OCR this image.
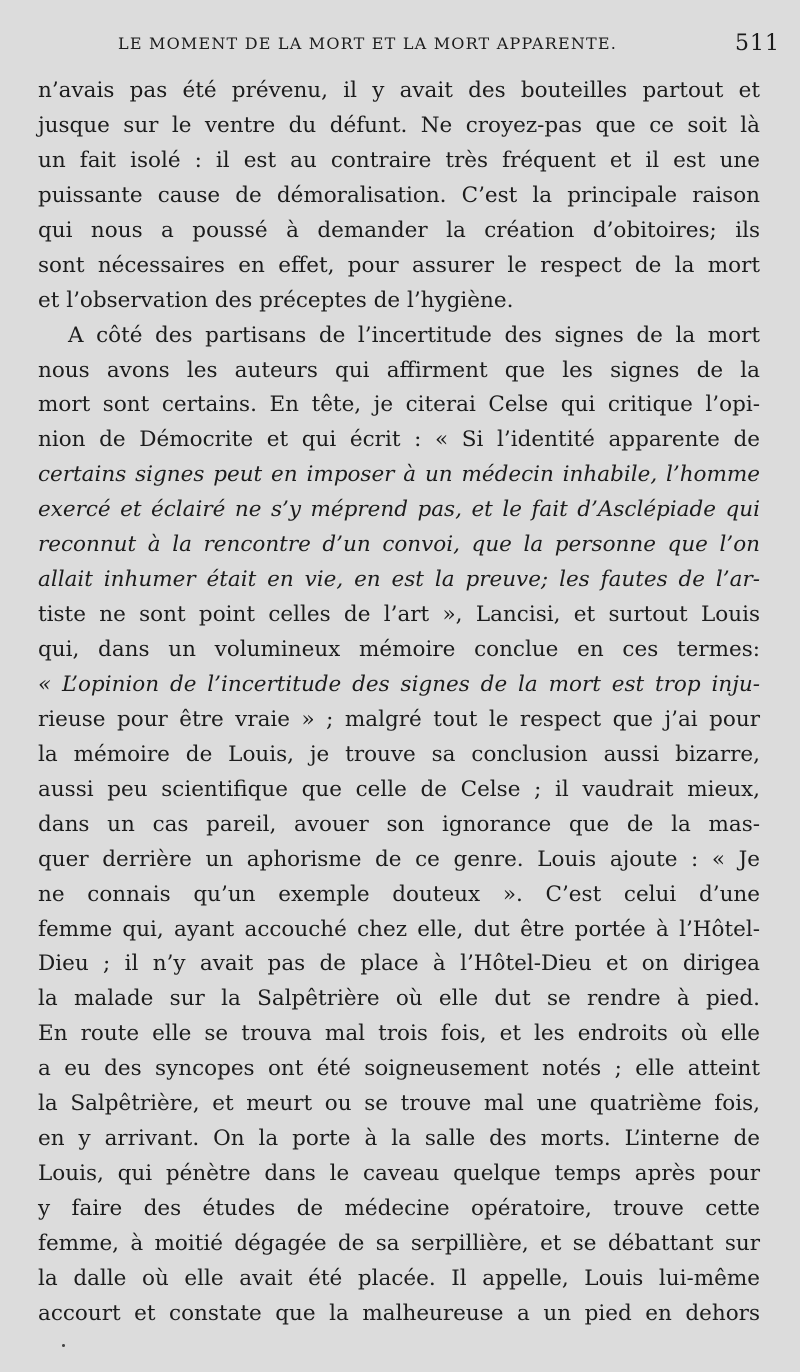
LE MOMENT DE LA MORT ET LA MORT APPARENTE.	511
n’avais pas été prévenu, il y avait des bouteilles partout et
jusque sur le ventre du défunt. Ne croyez-pas que ce soit là
un fait isolé : il est au contraire très fréquent et il est une
puissante cause de démoralisation. C’est la principale raison
qui nous a poussé à demander la création d’obitoires; ils
sont nécessaires en effet, pour assurer le respect de la mort
et l’observation des préceptes de l’hygiène.
A côté des partisans de l’incertitude des signes de la mort
nous avons les auteurs qui affirment que les signes de la
mort sont certains. En tête, je citerai Celse qui critique l’opi-
nion de Démocrite et qui écrit : « Si l’identité apparente de
certains signes peut en imposer à un médecin inhabile, l’homme
exercé et éclairé ne s’y méprend pas, et le fait d’Asclépiade qui
reconnut à la rencontre d’un convoi, que la personne que l’on
allait inhumer était en vie, en est la preuve; les fautes de l’ar-
tiste ne sont point celles de l’art », Lancisi, et surtout Louis
qui, dans un volumineux mémoire conclue en ces termes:
« L’opinion de l’incertitude des signes de la mort est trop inju-
rieuse pour être vraie » ; malgré tout le respect que j’ai pour
la mémoire de Louis, je trouve sa conclusion aussi bizarre,
aussi peu scientifique que celle de Celse ; il vaudrait mieux,
dans un cas pareil, avouer son ignorance que de la mas-
quer derrière un aphorisme de ce genre. Louis ajoute : « Je
ne connais qu’un exemple douteux ». C’est celui d’une
femme qui, ayant accouché chez elle, dut être portée à l’Hôtel-
Dieu ; il n’y avait pas de place à l’Hôtel-Dieu et on dirigea
la malade sur la Salpêtrière où elle dut se rendre à pied.
En route elle se trouva mal trois fois, et les endroits où elle
a eu des syncopes ont été soigneusement notés ; elle atteint
la Salpêtrière, et meurt ou se trouve mal une quatrième fois,
en y arrivant. On la porte à la salle des morts. L’interne de
Louis, qui pénètre dans le caveau quelque temps après pour
y faire des études de médecine opératoire, trouve cette
femme, à moitié dégagée de sa serpillière, et se débattant sur
la dalle où elle avait été placée. Il appelle, Louis lui-même
accourt et constate que la malheureuse a un pied en dehors
